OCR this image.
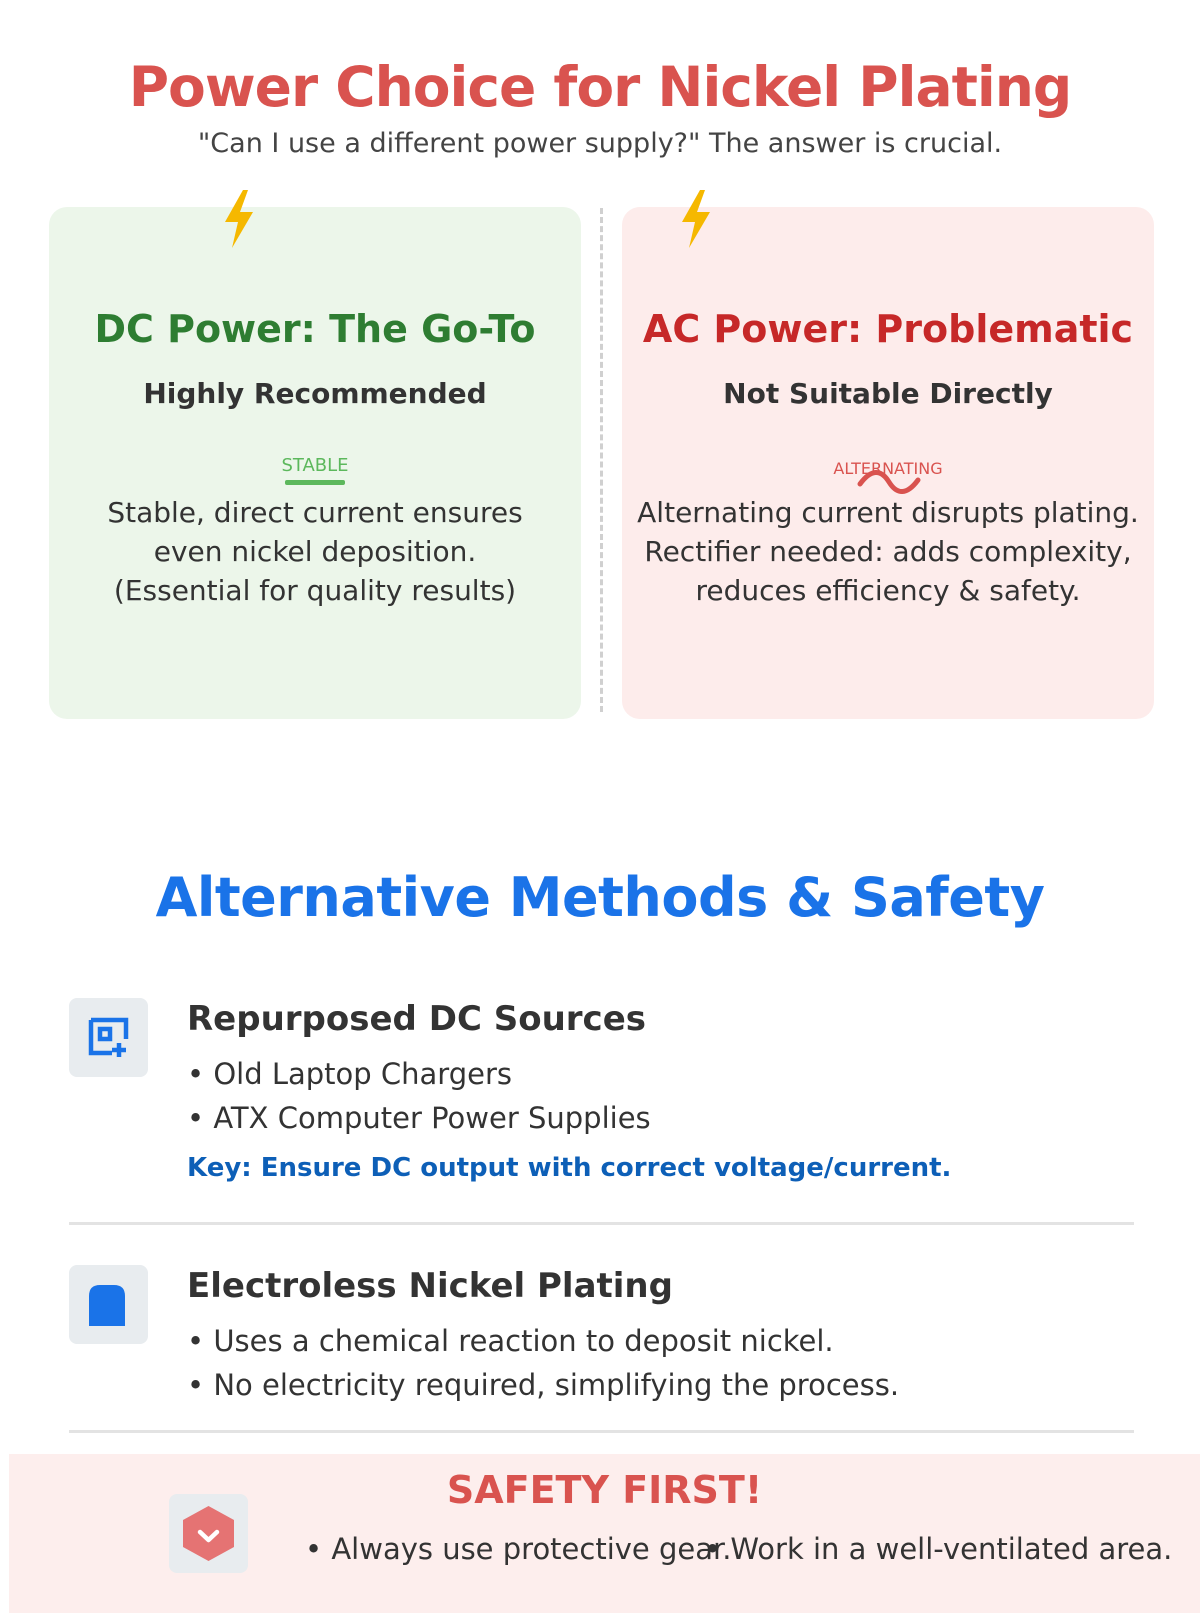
Power Choice for Nickel Plating

"Can I use a different power supply?" The answer is crucial.

DC Power: The Go-To
Highly Recommended
STABLE
Stable, direct current ensures
even nickel deposition.
(Essential for quality results)
AC Power: Problematic
Not Suitable Directly
ALTERNATING
Alternating current disrupts plating.
Rectifier needed: adds complexity,
reduces efficiency & safety.
Alternative Methods & Safety
Repurposed DC Sources
• Old Laptop Chargers
• ATX Computer Power Supplies
Key: Ensure DC output with correct voltage/current.
Electroless Nickel Plating
• Uses a chemical reaction to deposit nickel.
• No electricity required, simplifying the process.
SAFETY FIRST!
• Always use protective gear.
• Work in a well-ventilated area.
